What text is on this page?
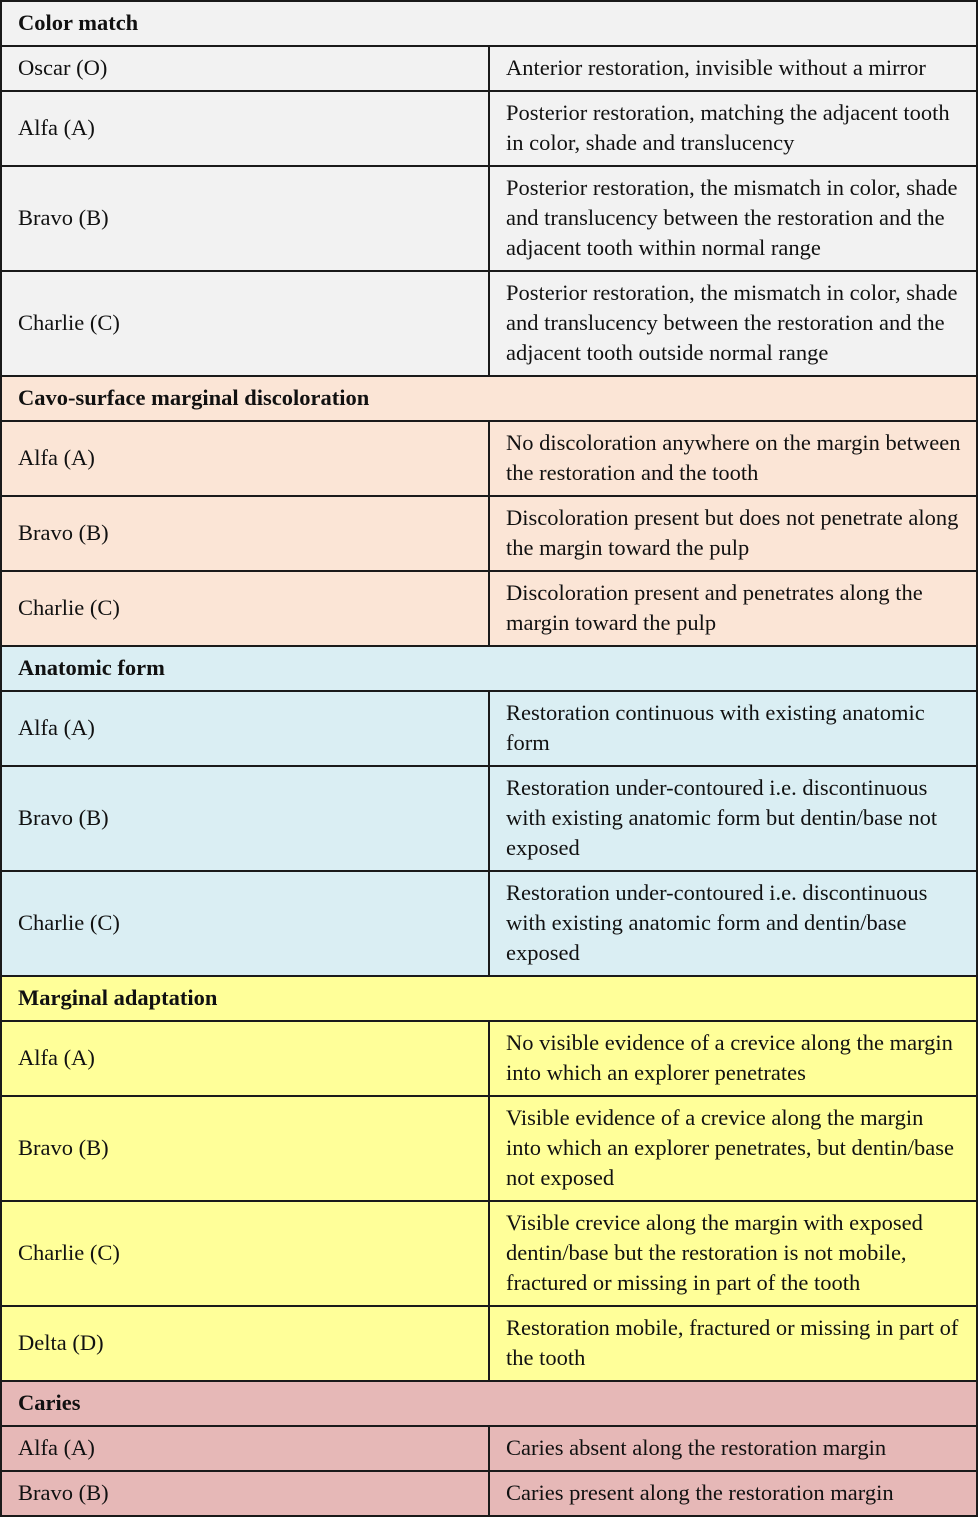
Color match	
Oscar (O)	Anterior restoration, invisible without a mirror
Alfa (A)	Posterior restoration, matching the adjacent tooth in color, shade and translucency
Bravo (B)	Posterior restoration, the mismatch in color, shade and translucency between the restoration and the adjacent tooth within normal range
Charlie (C)	Posterior restoration, the mismatch in color, shade and translucency between the restoration and the adjacent tooth outside normal range
Cavo-surface marginal discoloration	
Alfa (A)	No discoloration anywhere on the margin between the restoration and the tooth
Bravo (B)	Discoloration present but does not penetrate along the margin toward the pulp
Charlie (C)	Discoloration present and penetrates along the margin toward the pulp
Anatomic form	
Alfa (A)	Restoration continuous with existing anatomic form
Bravo (B)	Restoration under-contoured i.e. discontinuous with existing anatomic form but dentin/base not exposed
Charlie (C)	Restoration under-contoured i.e. discontinuous with existing anatomic form and dentin/base exposed
Marginal adaptation	
Alfa (A)	No visible evidence of a crevice along the margin into which an explorer penetrates
Bravo (B)	Visible evidence of a crevice along the margin into which an explorer penetrates, but dentin/base not exposed
Charlie (C)	Visible crevice along the margin with exposed dentin/base but the restoration is not mobile, fractured or missing in part of the tooth
Delta (D)	Restoration mobile, fractured or missing in part of the tooth
Caries	
Alfa (A)	Caries absent along the restoration margin
Bravo (B)	Caries present along the restoration margin
